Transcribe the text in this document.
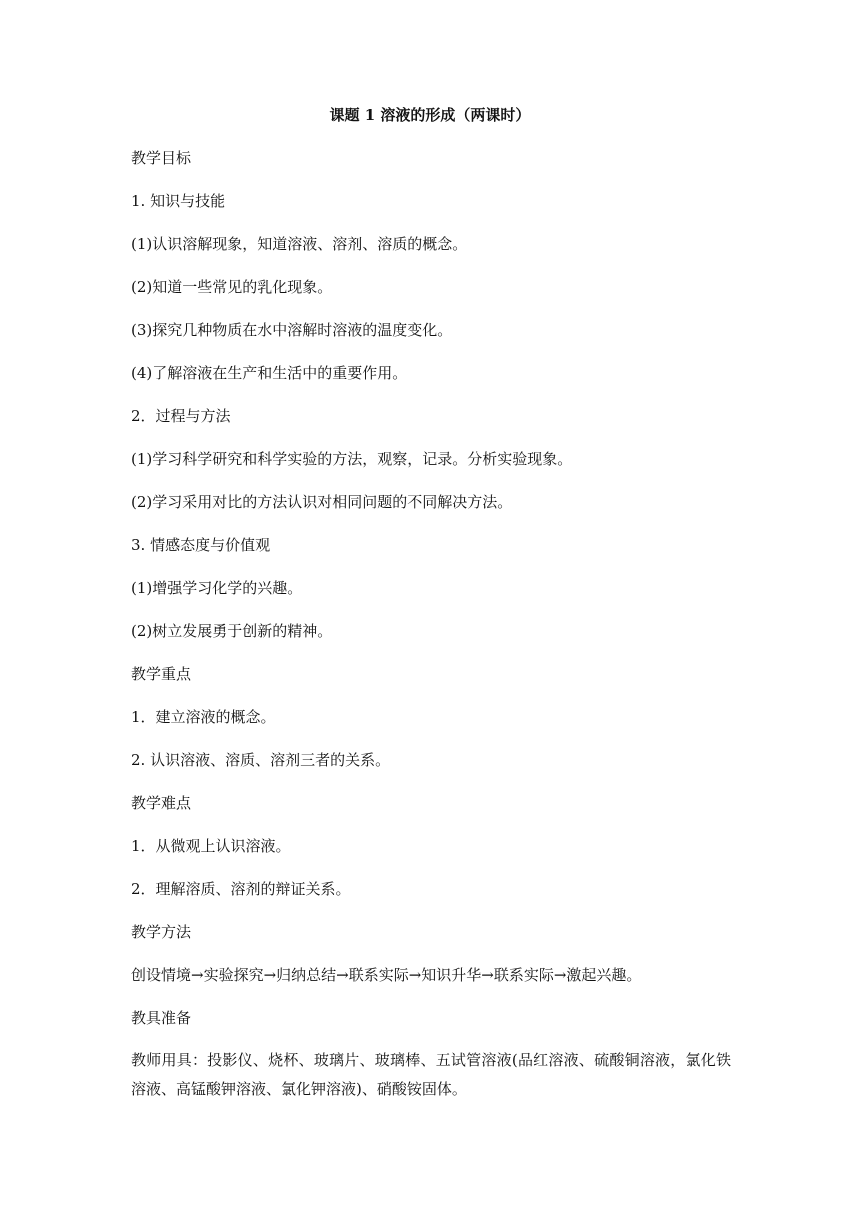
课题 1 溶液的形成（两课时）
教学目标
1. 知识与技能
(1)认识溶解现象，知道溶液、溶剂、溶质的概念。
(2)知道一些常见的乳化现象。
(3)探究几种物质在水中溶解时溶液的温度变化。
(4)了解溶液在生产和生活中的重要作用。
2．过程与方法
(1)学习科学研究和科学实验的方法，观察，记录。分析实验现象。
(2)学习采用对比的方法认识对相同问题的不同解决方法。
3. 情感态度与价值观
(1)增强学习化学的兴趣。
(2)树立发展勇于创新的精神。
教学重点
1．建立溶液的概念。
2. 认识溶液、溶质、溶剂三者的关系。
教学难点
1．从微观上认识溶液。
2．理解溶质、溶剂的辩证关系。
教学方法
创设情境→实验探究→归纳总结→联系实际→知识升华→联系实际→激起兴趣。
教具准备
教师用具：投影仪、烧杯、玻璃片、玻璃棒、五试管溶液(品红溶液、硫酸铜溶液，氯化铁溶液、高锰酸钾溶液、氯化钾溶液)、硝酸铵固体。
